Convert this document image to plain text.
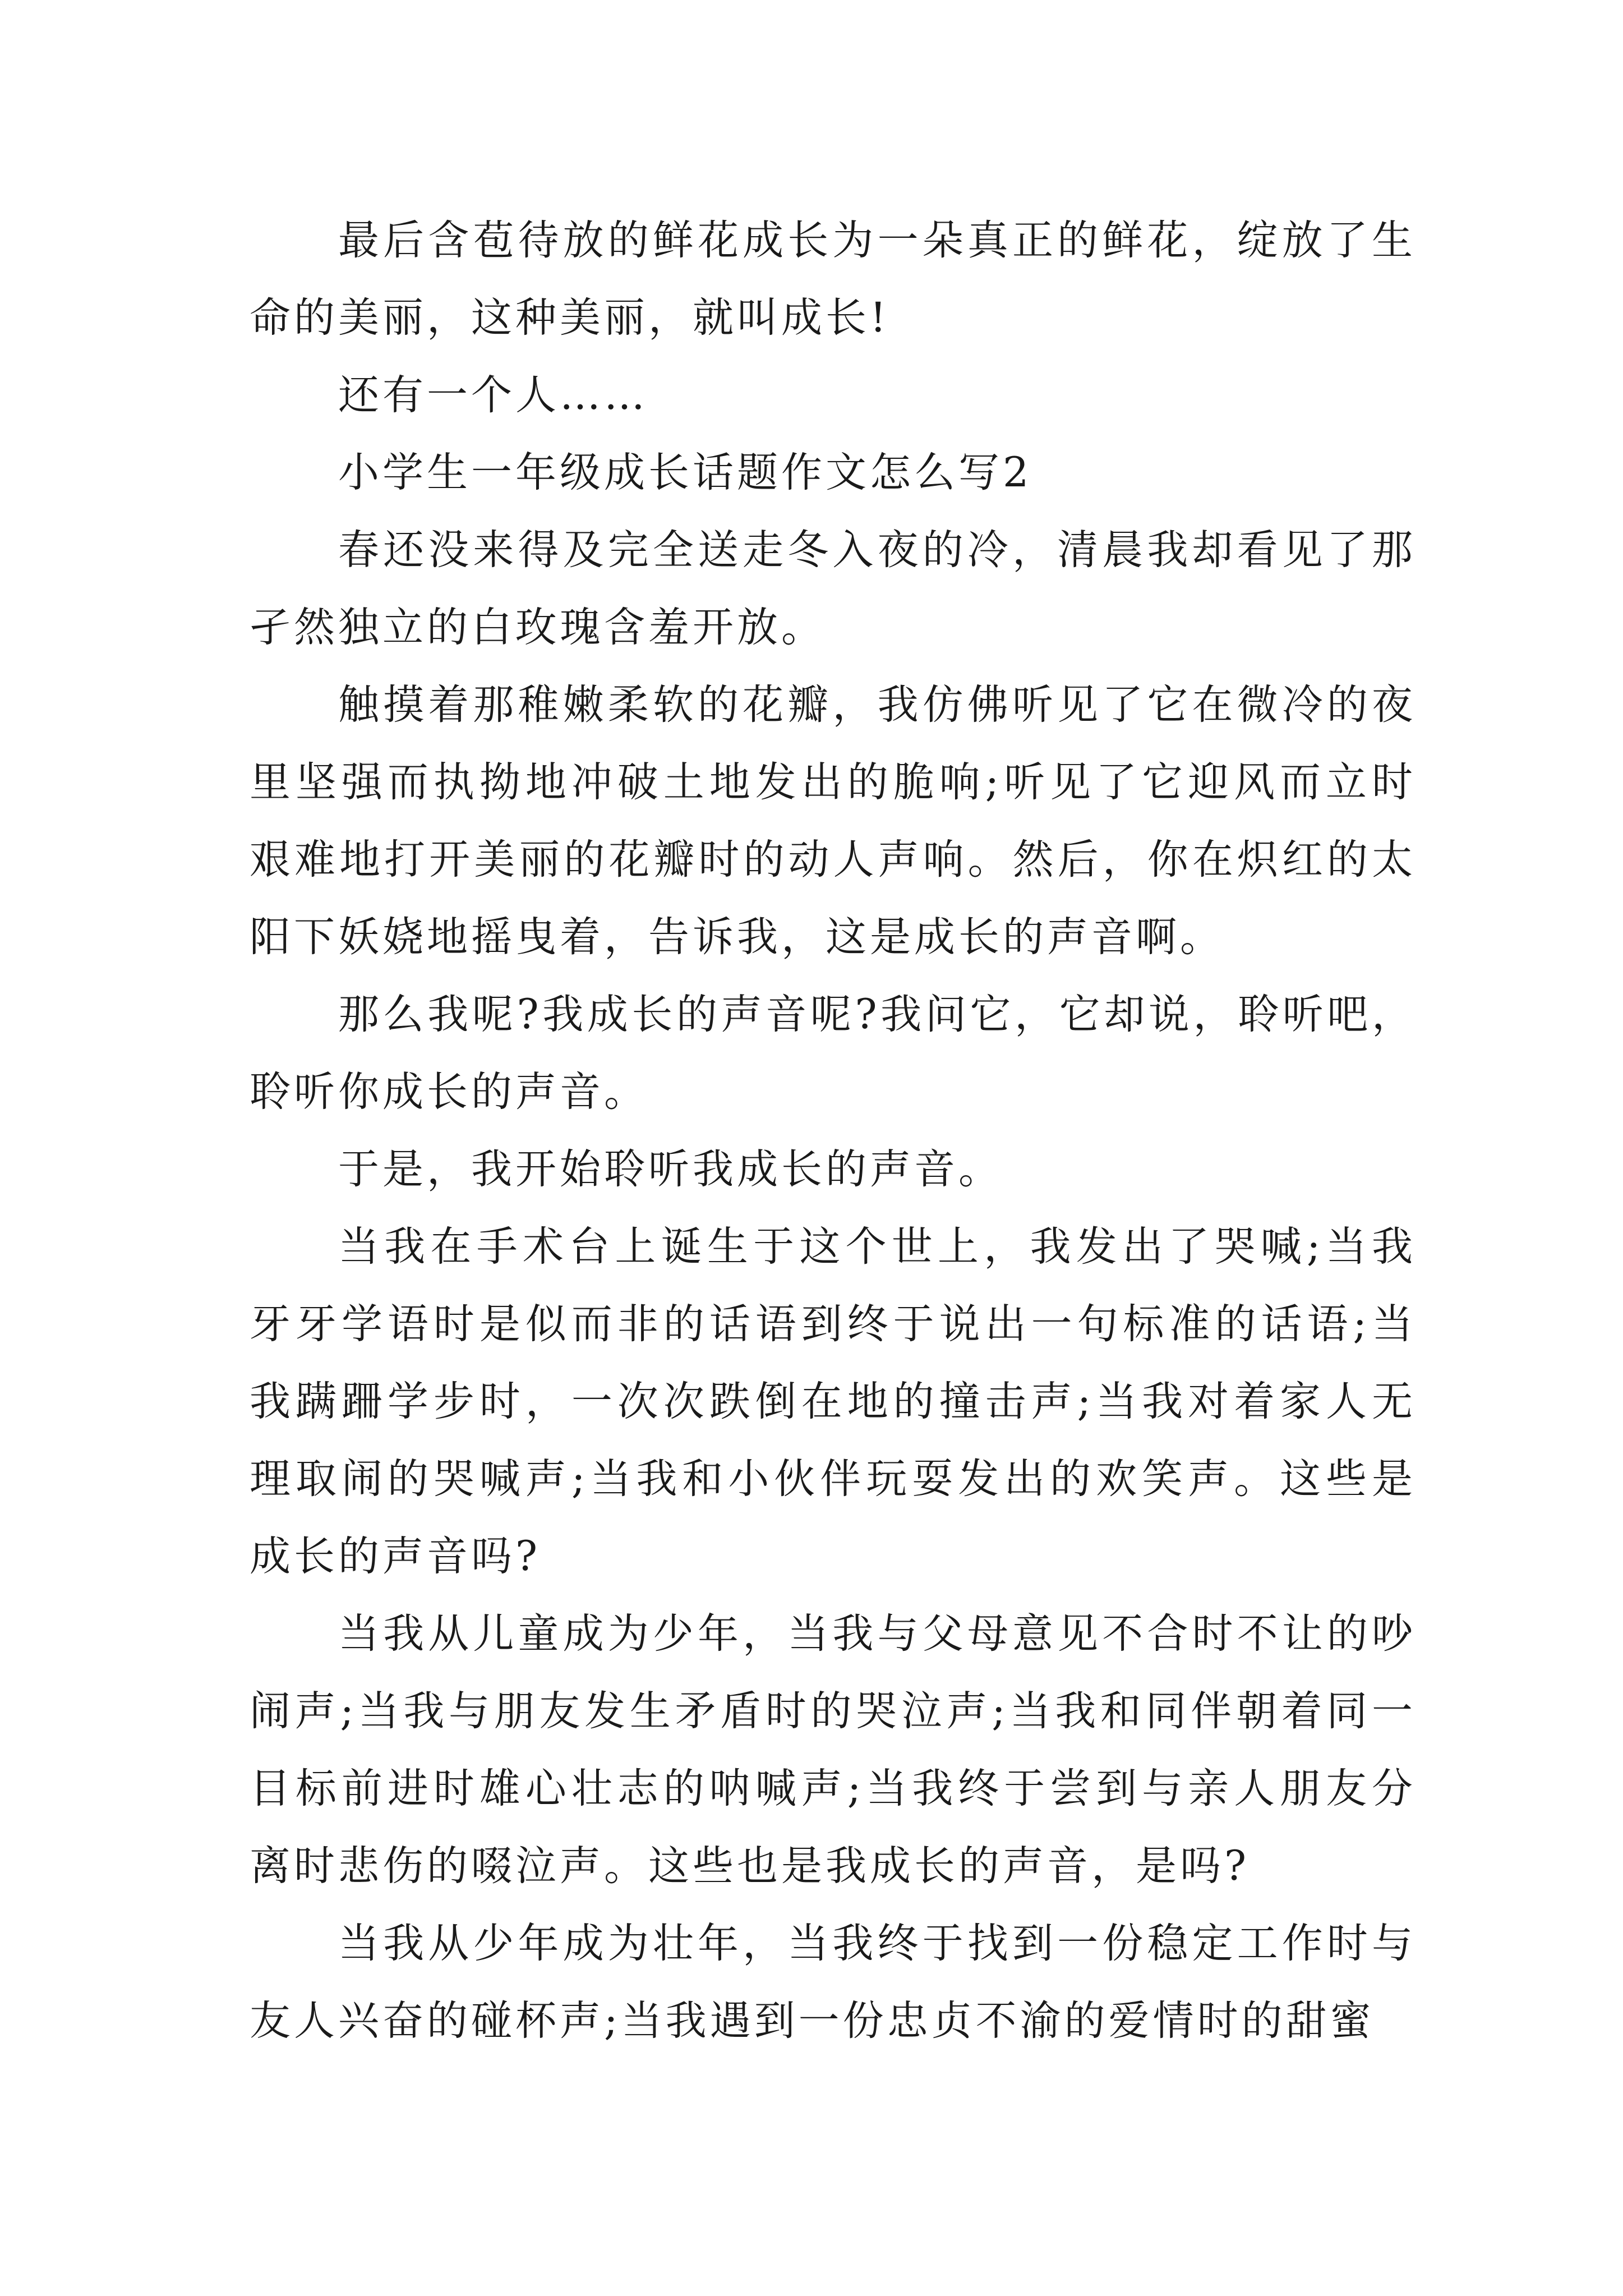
最后含苞待放的鲜花成长为一朵真正的鲜花，绽放了生命的美丽，这种美丽，就叫成长!

还有一个人……

小学生一年级成长话题作文怎么写2

春还没来得及完全送走冬入夜的冷，清晨我却看见了那孑然独立的白玫瑰含羞开放。

触摸着那稚嫩柔软的花瓣，我仿佛听见了它在微冷的夜里坚强而执拗地冲破土地发出的脆响;听见了它迎风而立时艰难地打开美丽的花瓣时的动人声响。然后，你在炽红的太阳下妖娆地摇曳着，告诉我，这是成长的声音啊。

那么我呢?我成长的声音呢?我问它，它却说，聆听吧，聆听你成长的声音。

于是，我开始聆听我成长的声音。

当我在手术台上诞生于这个世上，我发出了哭喊;当我牙牙学语时是似而非的话语到终于说出一句标准的话语;当我蹒跚学步时，一次次跌倒在地的撞击声;当我对着家人无理取闹的哭喊声;当我和小伙伴玩耍发出的欢笑声。这些是成长的声音吗?

当我从儿童成为少年，当我与父母意见不合时不让的吵闹声;当我与朋友发生矛盾时的哭泣声;当我和同伴朝着同一目标前进时雄心壮志的呐喊声;当我终于尝到与亲人朋友分离时悲伤的啜泣声。这些也是我成长的声音，是吗?

当我从少年成为壮年，当我终于找到一份稳定工作时与友人兴奋的碰杯声;当我遇到一份忠贞不渝的爱情时的甜蜜
